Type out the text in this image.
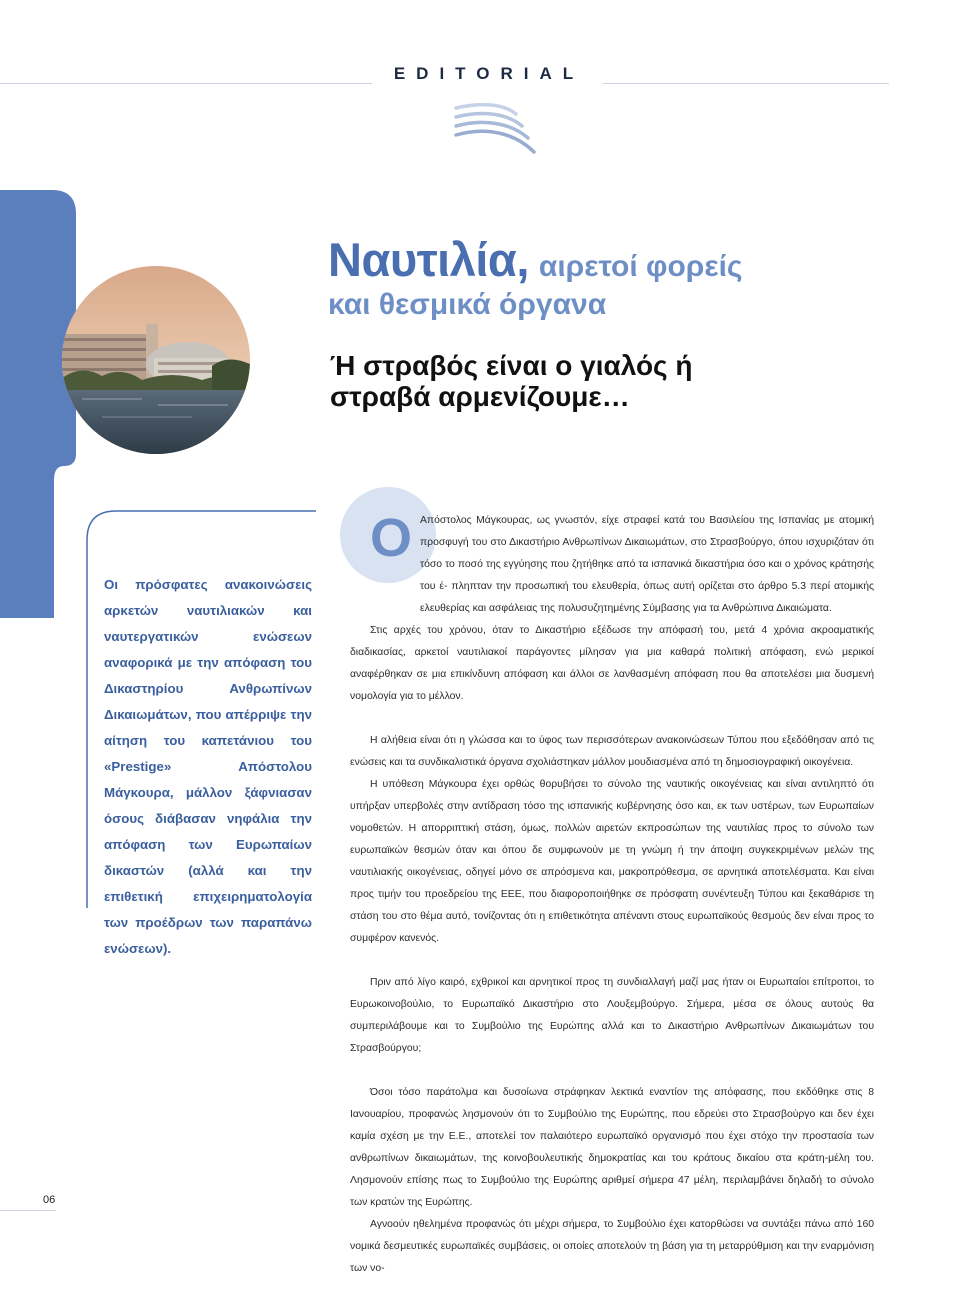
EDITORIAL
Ναυτιλία, αιρετοί φορείς
και θεσμικά όργανα
Ή στραβός είναι ο γιαλός ή στραβά αρμενίζουμε…
Οι πρόσφατες ανακοινώσεις αρκετών ναυτιλιακών και ναυτεργατικών ενώσεων αναφορικά με την απόφαση του Δικαστηρίου Ανθρωπίνων Δικαιωμάτων, που απέρριψε την αίτηση του καπετάνιου του «Prestige» Απόστολου Μάγκουρα, μάλλον ξάφνιασαν όσους διάβασαν νηφάλια την απόφαση των Ευρωπαίων δικαστών (αλλά και την επιθετική επιχειρηματολογία των προέδρων των παραπάνω ενώσεων).
Ο Απόστολος Μάγκουρας, ως γνωστόν, είχε στραφεί κατά του Βασιλείου της Ισπανίας με ατομική προσφυγή του στο Δικαστήριο Ανθρωπίνων Δικαιωμάτων, στο Στρασβούργο, όπου ισχυριζόταν ότι τόσο το ποσό της εγγύησης που ζητήθηκε από τα ισπανικά δικαστήρια όσο και ο χρόνος κράτησής του έ- πληπταν την προσωπική του ελευθερία, όπως αυτή ορίζεται στο άρθρο 5.3 περί ατομικής ελευθερίας και ασφάλειας της πολυσυζητημένης Σύμβασης για τα Ανθρώπινα Δικαιώματα.

Στις αρχές του χρόνου, όταν το Δικαστήριο εξέδωσε την απόφασή του, μετά 4 χρόνια ακροαματικής διαδικασίας, αρκετοί ναυτιλιακοί παράγοντες μίλησαν για μια καθαρά πολιτική απόφαση, ενώ μερικοί αναφέρθηκαν σε μια επικίνδυνη απόφαση και άλλοι σε λανθασμένη απόφαση που θα αποτελέσει μια δυσμενή νομολογία για το μέλλον.

Η αλήθεια είναι ότι η γλώσσα και το ύφος των περισσότερων ανακοινώσεων Τύπου που εξεδόθησαν από τις ενώσεις και τα συνδικαλιστικά όργανα σχολιάστηκαν μάλλον μουδιασμένα από τη δημοσιογραφική οικογένεια.

Η υπόθεση Μάγκουρα έχει ορθώς θορυβήσει το σύνολο της ναυτικής οικογένειας και είναι αντιληπτό ότι υπήρξαν υπερβολές στην αντίδραση τόσο της ισπανικής κυβέρνησης όσο και, εκ των υστέρων, των Ευρωπαίων νομοθετών. Η απορριπτική στάση, όμως, πολλών αιρετών εκπροσώπων της ναυτιλίας προς το σύνολο των ευρωπαϊκών θεσμών όταν και όπου δε συμφωνούν με τη γνώμη ή την άποψη συγκεκριμένων μελών της ναυτιλιακής οικογένειας, οδηγεί μόνο σε απρόσμενα και, μακροπρόθεσμα, σε αρνητικά αποτελέσματα. Και είναι προς τιμήν του προεδρείου της ΕΕΕ, που διαφοροποιήθηκε σε πρόσφατη συνέντευξη Τύπου και ξεκαθάρισε τη στάση του στο θέμα αυτό, τονίζοντας ότι η επιθετικότητα απέναντι στους ευρωπαϊκούς θεσμούς δεν είναι προς το συμφέρον κανενός.

Πριν από λίγο καιρό, εχθρικοί και αρνητικοί προς τη συνδιαλλαγή μαζί μας ήταν οι Ευρωπαίοι επίτροποι, το Ευρωκοινοβούλιο, το Ευρωπαϊκό Δικαστήριο στο Λουξεμβούργο. Σήμερα, μέσα σε όλους αυτούς θα συμπεριλάβουμε και το Συμβούλιο της Ευρώπης αλλά και το Δικαστήριο Ανθρωπίνων Δικαιωμάτων του Στρασβούργου;

Όσοι τόσο παράτολμα και δυσοίωνα στράφηκαν λεκτικά εναντίον της απόφασης, που εκδόθηκε στις 8 Ιανουαρίου, προφανώς λησμονούν ότι το Συμβούλιο της Ευρώπης, που εδρεύει στο Στρασβούργο και δεν έχει καμία σχέση με την Ε.Ε., αποτελεί τον παλαιότερο ευρωπαϊκό οργανισμό που έχει στόχο την προστασία των ανθρωπίνων δικαιωμάτων, της κοινοβουλευτικής δημοκρατίας και του κράτους δικαίου στα κράτη-μέλη του. Λησμονούν επίσης πως το Συμβούλιο της Ευρώπης αριθμεί σήμερα 47 μέλη, περιλαμβάνει δηλαδή το σύνολο των κρατών της Ευρώπης.

Αγνοούν ηθελημένα προφανώς ότι μέχρι σήμερα, το Συμβούλιο έχει κατορθώσει να συντάξει πάνω από 160 νομικά δεσμευτικές ευρωπαϊκές συμβάσεις, οι οποίες αποτελούν τη βάση για τη μεταρρύθμιση και την εναρμόνιση των νο-

06
